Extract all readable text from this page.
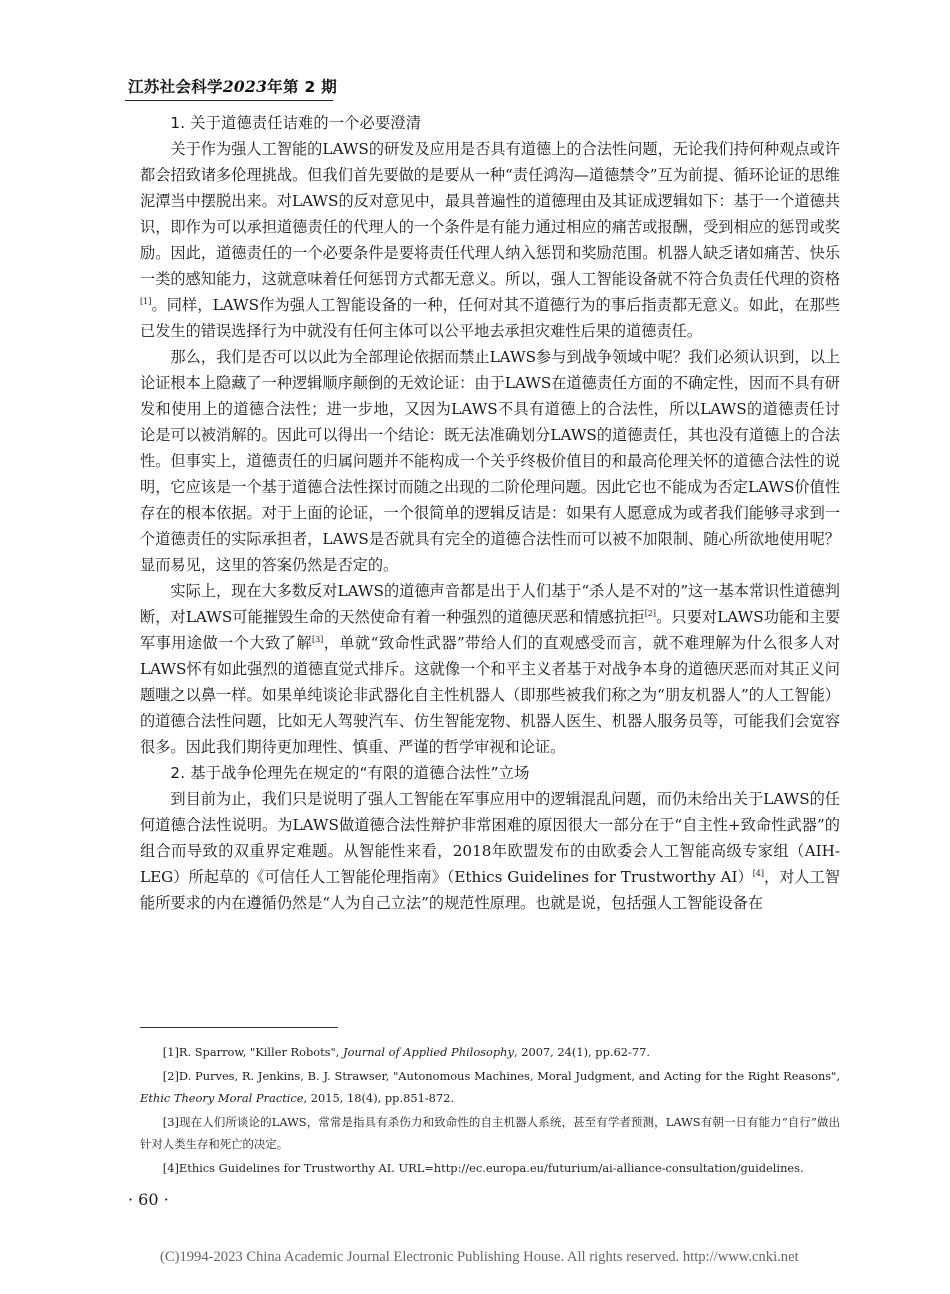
江苏社会科学2023年第 2 期
1. 关于道德责任诘难的一个必要澄清

关于作为强人工智能的LAWS的研发及应用是否具有道德上的合法性问题，无论我们持何种观点或许都会招致诸多伦理挑战。但我们首先要做的是要从一种“责任鸿沟—道德禁令”互为前提、循环论证的思维泥潭当中摆脱出来。对LAWS的反对意见中，最具普遍性的道德理由及其证成逻辑如下：基于一个道德共识，即作为可以承担道德责任的代理人的一个条件是有能力通过相应的痛苦或报酬，受到相应的惩罚或奖励。因此，道德责任的一个必要条件是要将责任代理人纳入惩罚和奖励范围。机器人缺乏诸如痛苦、快乐一类的感知能力，这就意味着任何惩罚方式都无意义。所以，强人工智能设备就不符合负责任代理的资格[1]。同样，LAWS作为强人工智能设备的一种，任何对其不道德行为的事后指责都无意义。如此，在那些已发生的错误选择行为中就没有任何主体可以公平地去承担灾难性后果的道德责任。

那么，我们是否可以以此为全部理论依据而禁止LAWS参与到战争领域中呢？我们必须认识到，以上论证根本上隐藏了一种逻辑顺序颠倒的无效论证：由于LAWS在道德责任方面的不确定性，因而不具有研发和使用上的道德合法性；进一步地，又因为LAWS不具有道德上的合法性，所以LAWS的道德责任讨论是可以被消解的。因此可以得出一个结论：既无法准确划分LAWS的道德责任，其也没有道德上的合法性。但事实上，道德责任的归属问题并不能构成一个关乎终极价值目的和最高伦理关怀的道德合法性的说明，它应该是一个基于道德合法性探讨而随之出现的二阶伦理问题。因此它也不能成为否定LAWS价值性存在的根本依据。对于上面的论证，一个很简单的逻辑反诘是：如果有人愿意成为或者我们能够寻求到一个道德责任的实际承担者，LAWS是否就具有完全的道德合法性而可以被不加限制、随心所欲地使用呢？显而易见，这里的答案仍然是否定的。

实际上，现在大多数反对LAWS的道德声音都是出于人们基于“杀人是不对的”这一基本常识性道德判断，对LAWS可能摧毁生命的天然使命有着一种强烈的道德厌恶和情感抗拒[2]。只要对LAWS功能和主要军事用途做一个大致了解[3]，单就“致命性武器”带给人们的直观感受而言，就不难理解为什么很多人对LAWS怀有如此强烈的道德直觉式排斥。这就像一个和平主义者基于对战争本身的道德厌恶而对其正义问题嗤之以鼻一样。如果单纯谈论非武器化自主性机器人（即那些被我们称之为“朋友机器人”的人工智能）的道德合法性问题，比如无人驾驶汽车、仿生智能宠物、机器人医生、机器人服务员等，可能我们会宽容很多。因此我们期待更加理性、慎重、严谨的哲学审视和论证。

2. 基于战争伦理先在规定的“有限的道德合法性”立场

到目前为止，我们只是说明了强人工智能在军事应用中的逻辑混乱问题，而仍未给出关于LAWS的任何道德合法性说明。为LAWS做道德合法性辩护非常困难的原因很大一部分在于“自主性+致命性武器”的组合而导致的双重界定难题。从智能性来看，2018年欧盟发布的由欧委会人工智能高级专家组（AIH-LEG）所起草的《可信任人工智能伦理指南》（Ethics Guidelines for Trustworthy AI）[4]，对人工智能所要求的内在遵循仍然是“人为自己立法”的规范性原理。也就是说，包括强人工智能设备在

[1]R. Sparrow, "Killer Robots", Journal of Applied Philosophy, 2007, 24(1), pp.62-77.

[2]D. Purves, R. Jenkins, B. J. Strawser, "Autonomous Machines, Moral Judgment, and Acting for the Right Reasons", Ethic Theory Moral Practice, 2015, 18(4), pp.851-872.

[3]现在人们所谈论的LAWS，常常是指具有杀伤力和致命性的自主机器人系统，甚至有学者预测，LAWS有朝一日有能力“自行”做出针对人类生存和死亡的决定。

[4]Ethics Guidelines for Trustworthy AI. URL=http://ec.europa.eu/futurium/ai-alliance-consultation/guidelines.

· 60 ·
(C)1994-2023 China Academic Journal Electronic Publishing House. All rights reserved. http://www.cnki.net
